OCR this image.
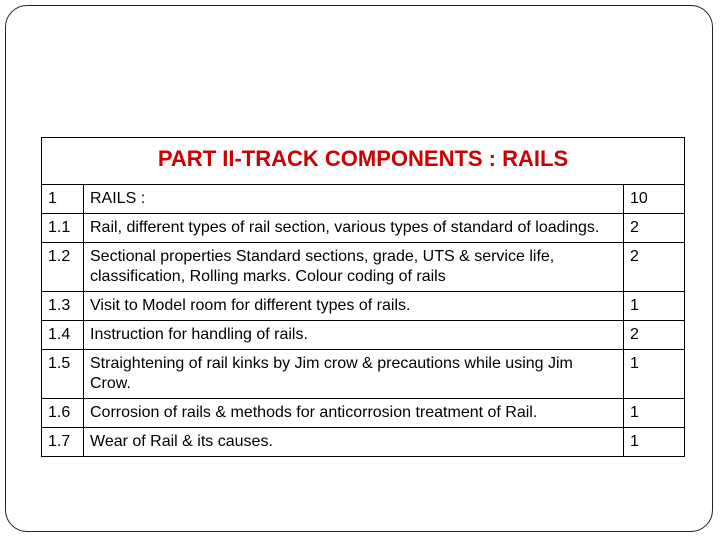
PART II-TRACK COMPONENTS : RAILS		
1	RAILS :	10
1.1	Rail, different types of rail section, various types of standard of loadings.	2
1.2	Sectional properties Standard sections, grade, UTS & service life, classification, Rolling marks. Colour coding of rails	2
1.3	Visit to Model room for different types of rails.	1
1.4	Instruction for handling of rails.	2
1.5	Straightening of rail kinks by Jim crow & precautions while using Jim Crow.	1
1.6	Corrosion of rails & methods for anticorrosion treatment of Rail.	1
1.7	Wear of Rail & its causes.	1
